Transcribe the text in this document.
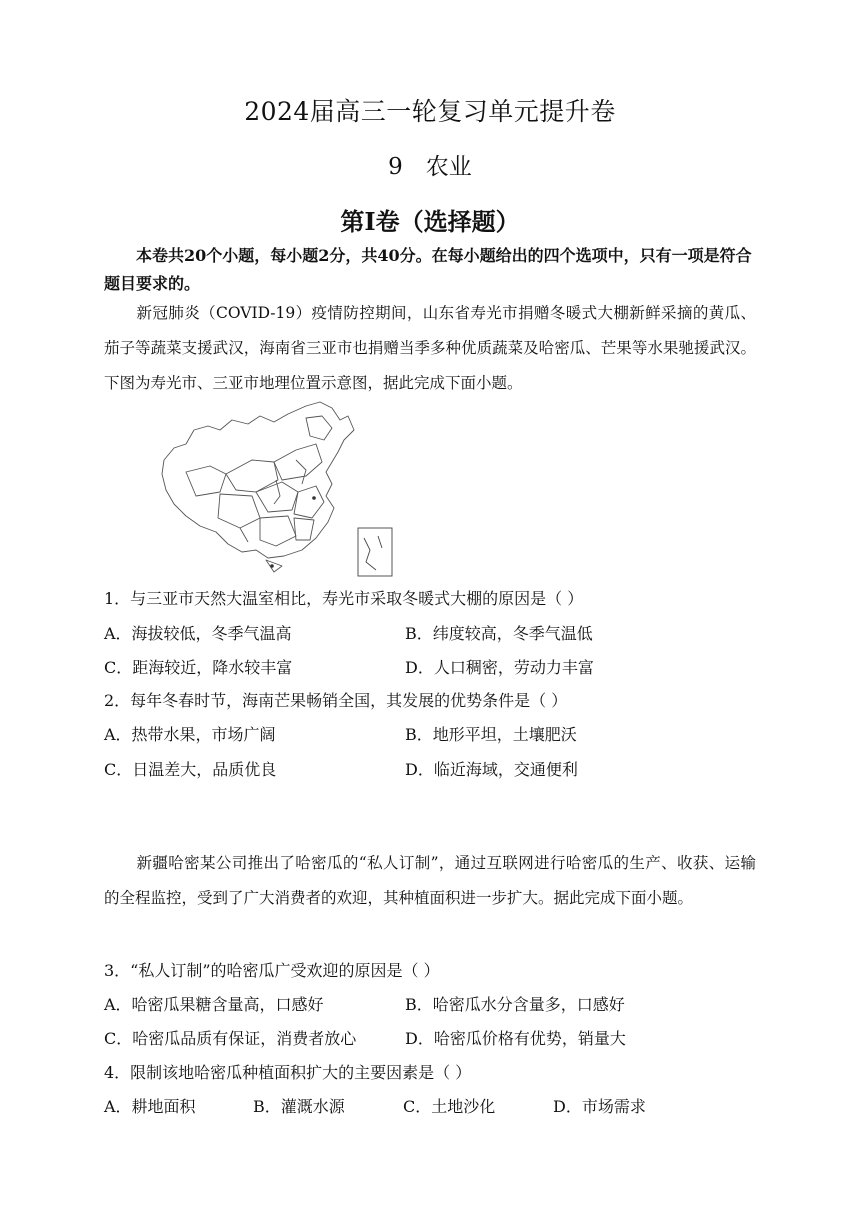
2024届高三一轮复习单元提升卷
9　农业
第Ⅰ卷（选择题）
本卷共20个小题，每小题2分，共40分。在每小题给出的四个选项中，只有一项是符合题目要求的。
新冠肺炎（COVID-19）疫情防控期间，山东省寿光市捐赠冬暖式大棚新鲜采摘的黄瓜、茄子等蔬菜支援武汉，海南省三亚市也捐赠当季多种优质蔬菜及哈密瓜、芒果等水果驰援武汉。下图为寿光市、三亚市地理位置示意图，据此完成下面小题。
1．与三亚市天然大温室相比，寿光市采取冬暖式大棚的原因是（ ）
A．海拔较低，冬季气温高	B．纬度较高，冬季气温低
C．距海较近，降水较丰富	D．人口稠密，劳动力丰富
2．每年冬春时节，海南芒果畅销全国，其发展的优势条件是（ ）
A．热带水果，市场广阔	B．地形平坦，土壤肥沃
C．日温差大，品质优良	D．临近海域，交通便利
新疆哈密某公司推出了哈密瓜的“私人订制”，通过互联网进行哈密瓜的生产、收获、运输的全程监控，受到了广大消费者的欢迎，其种植面积进一步扩大。据此完成下面小题。
3．“私人订制”的哈密瓜广受欢迎的原因是（ ）
A．哈密瓜果糖含量高，口感好	B．哈密瓜水分含量多，口感好
C．哈密瓜品质有保证，消费者放心	D．哈密瓜价格有优势，销量大
4．限制该地哈密瓜种植面积扩大的主要因素是（ ）
A．耕地面积	B．灌溉水源	C．土地沙化	D．市场需求
